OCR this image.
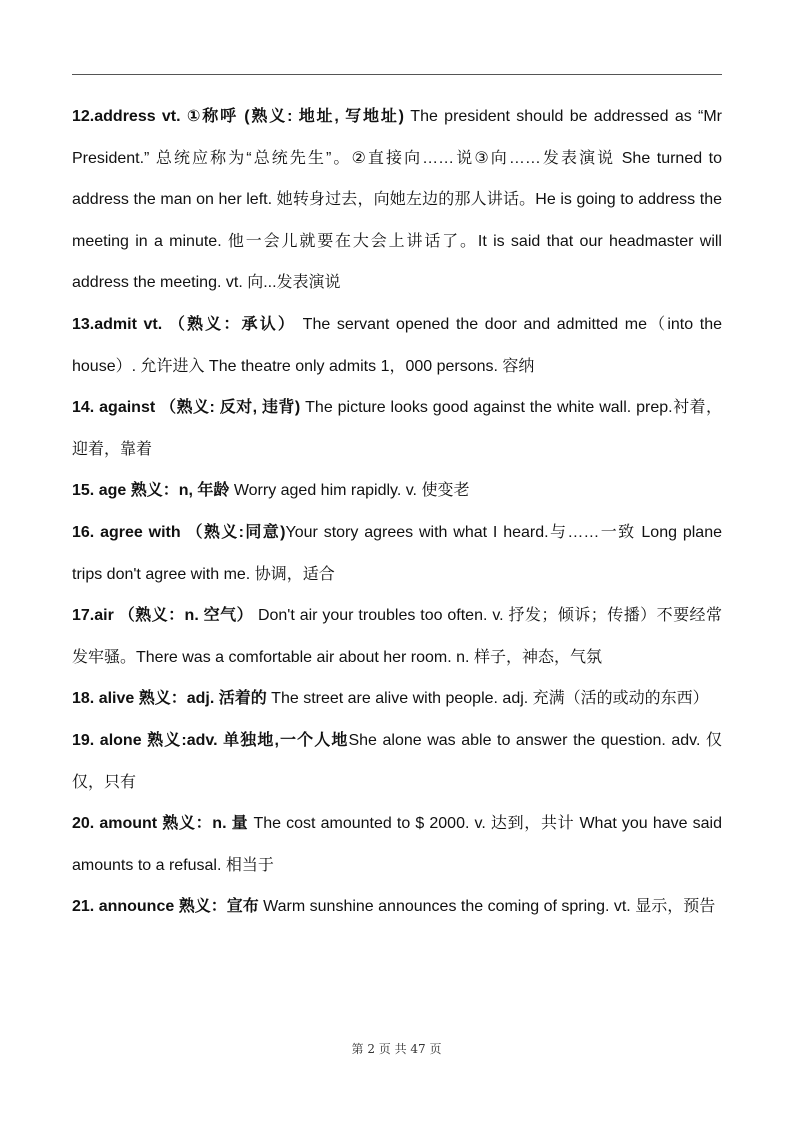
12.address vt. ①称呼 (熟义: 地址, 写地址) The president should be addressed as “Mr President.” 总统应称为“总统先生”。②直接向……说③向……发表演说 She turned to address the man on her left. 她转身过去，向她左边的那人讲话。He is going to address the meeting in a minute. 他一会儿就要在大会上讲话了。It is said that our headmaster will address the meeting. vt. 向...发表演说

13.admit vt. （熟义：承认） The servant opened the door and admitted me（into the house）. 允许进入 The theatre only admits 1，000 persons. 容纳

14. against （熟义: 反对, 违背) The picture looks good against the white wall. prep.衬着，迎着，靠着

15. age 熟义：n, 年龄 Worry aged him rapidly. v. 使变老

16. agree with （熟义:同意)Your story agrees with what I heard.与……一致 Long plane trips don't agree with me. 协调，适合

17.air （熟义：n. 空气） Don't air your troubles too often. v. 抒发；倾诉；传播）不要经常发牢骚。There was a comfortable air about her room. n. 样子，神态，气氛

18. alive 熟义：adj. 活着的 The street are alive with people. adj. 充满（活的或动的东西）

19. alone 熟义:adv. 单独地,一个人地She alone was able to answer the question. adv. 仅仅，只有

20. amount 熟义：n. 量 The cost amounted to $ 2000. v. 达到，共计 What you have said amounts to a refusal. 相当于

21. announce 熟义：宣布 Warm sunshine announces the coming of spring. vt. 显示，预告

第 2 页 共 47 页
